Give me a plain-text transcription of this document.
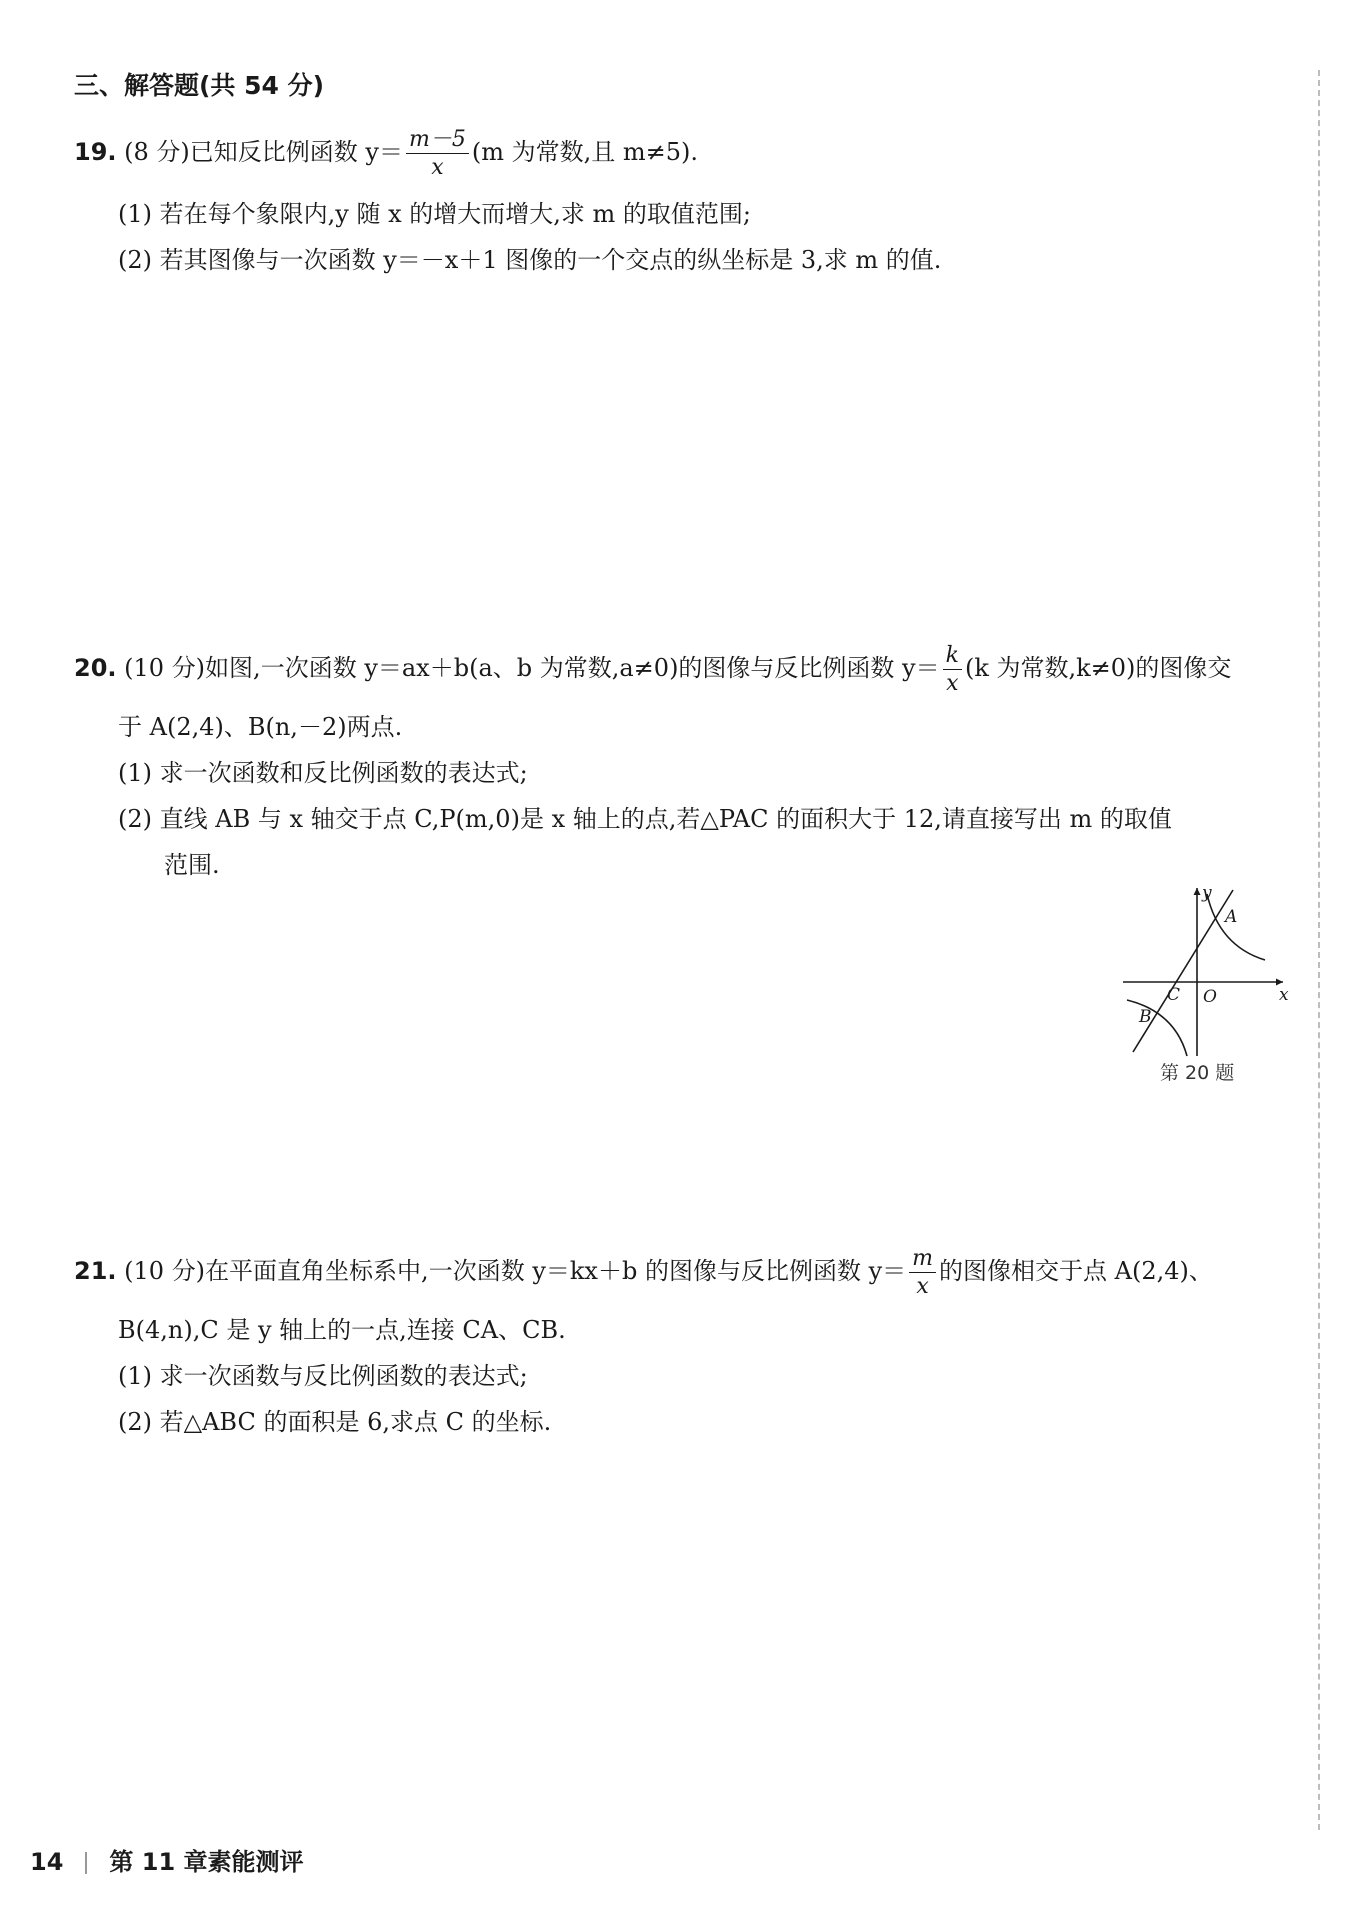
三、解答题(共 54 分)
19. (8 分)已知反比例函数 $y= \frac{m-5}{x} (m$ 为常数,且 m≠5).
(1) 若在每个象限内,y 随 x 的增大而增大,求 m 的取值范围;
(2) 若其图像与一次函数 y＝－x＋1 图像的一个交点的纵坐标是 3,求 m 的值.
20. (10 分)如图,一次函数 y＝ax＋b(a、b 为常数,a≠0)的图像与反比例函数 $y= \frac{k}{x} (k$ 为常数,k≠0)的图像交
于 A(2,4)、B(n,－2)两点.
(1) 求一次函数和反比例函数的表达式;
(2) 直线 AB 与 x 轴交于点 C,P(m,0)是 x 轴上的点,若△PAC 的面积大于 12,请直接写出 m 的取值
范围.
y
x
O
A
B
C
第 20 题
21. (10 分)在平面直角坐标系中,一次函数 y＝kx＋b 的图像与反比例函数 $y= \frac{m}{x}$ 的图像相交于点 A(2,4)、
B(4,n),C 是 y 轴上的一点,连接 CA、CB.
(1) 求一次函数与反比例函数的表达式;
(2) 若△ABC 的面积是 6,求点 C 的坐标.
14 第 11 章素能测评
